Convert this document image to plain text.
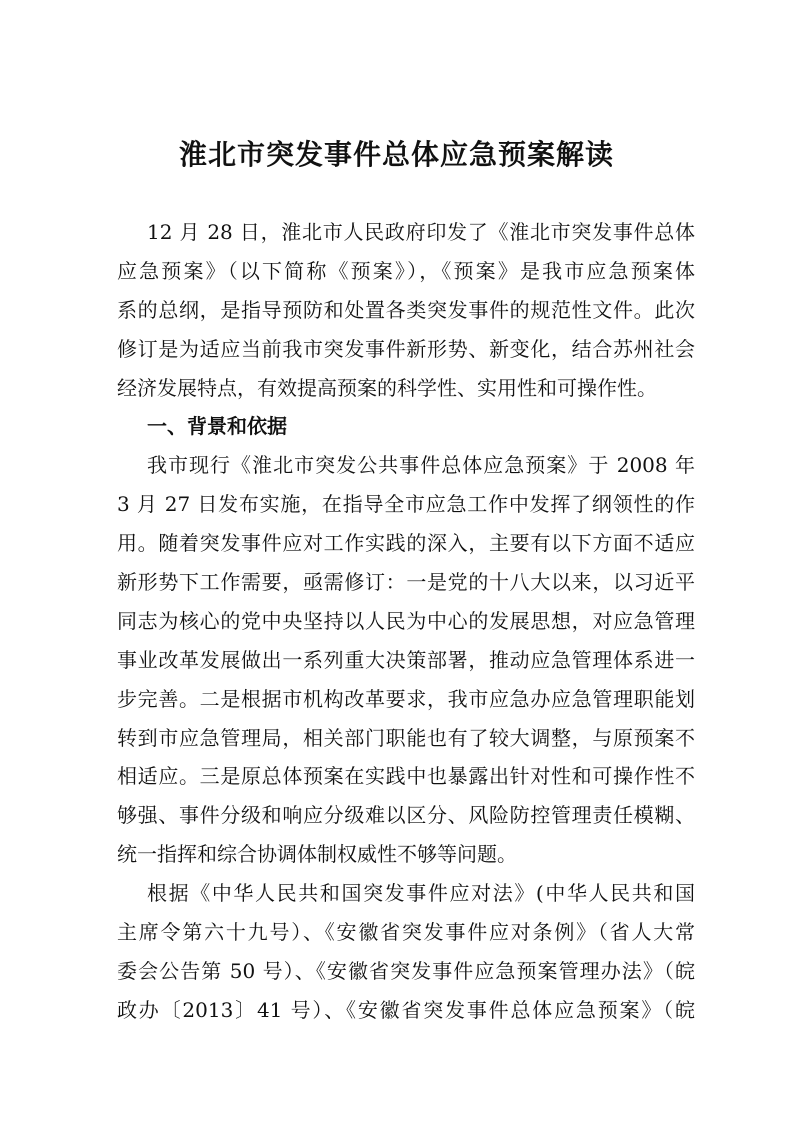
淮北市突发事件总体应急预案解读
12 月 28 日，淮北市人民政府印发了《淮北市突发事件总体
应急预案》（以下简称《预案》），《预案》是我市应急预案体
系的总纲，是指导预防和处置各类突发事件的规范性文件。此次
修订是为适应当前我市突发事件新形势、新变化，结合苏州社会
经济发展特点，有效提高预案的科学性、实用性和可操作性。
一、背景和依据
我市现行《淮北市突发公共事件总体应急预案》于 2008 年
3 月 27 日发布实施，在指导全市应急工作中发挥了纲领性的作
用。随着突发事件应对工作实践的深入，主要有以下方面不适应
新形势下工作需要，亟需修订：一是党的十八大以来，以习近平
同志为核心的党中央坚持以人民为中心的发展思想，对应急管理
事业改革发展做出一系列重大决策部署，推动应急管理体系进一
步完善。二是根据市机构改革要求，我市应急办应急管理职能划
转到市应急管理局，相关部门职能也有了较大调整，与原预案不
相适应。三是原总体预案在实践中也暴露出针对性和可操作性不
够强、事件分级和响应分级难以区分、风险防控管理责任模糊、
统一指挥和综合协调体制权威性不够等问题。
根据《中华人民共和国突发事件应对法》(中华人民共和国
主席令第六十九号）、《安徽省突发事件应对条例》（省人大常
委会公告第 50 号）、《安徽省突发事件应急预案管理办法》（皖
政办〔2013〕41 号）、《安徽省突发事件总体应急预案》（皖
